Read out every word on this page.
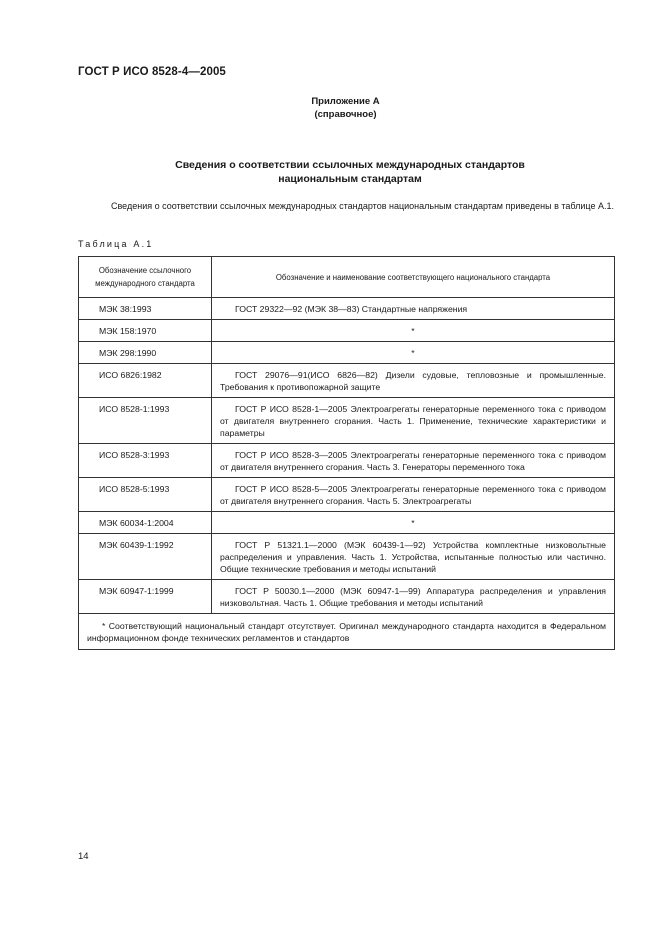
ГОСТ Р ИСО 8528-4—2005
Приложение А
(справочное)
Сведения о соответствии ссылочных международных стандартов
национальным стандартам
Сведения о соответствии ссылочных международных стандартов национальным стандартам приведены в таблице А.1.
Таблица А.1
Обозначение ссылочного международного стандарта	Обозначение и наименование соответствующего национального стандарта
МЭК 38:1993	ГОСТ 29322—92 (МЭК 38—83) Стандартные напряжения

МЭК 158:1970	*
МЭК 298:1990	*
ИСО 6826:1982	ГОСТ 29076—91(ИСО 6826—82) Дизели судовые, тепловозные и промышленные. Требования к противопожарной защите

ИСО 8528-1:1993	ГОСТ Р ИСО 8528-1—2005 Электроагрегаты генераторные переменного тока с приводом от двигателя внутреннего сгорания. Часть 1. Применение, технические характеристики и параметры

ИСО 8528-3:1993	ГОСТ Р ИСО 8528-3—2005 Электроагрегаты генераторные переменного тока с приводом от двигателя внутреннего сгорания. Часть 3. Генераторы переменного тока

ИСО 8528-5:1993	ГОСТ Р ИСО 8528-5—2005 Электроагрегаты генераторные переменного тока с приводом от двигателя внутреннего сгорания. Часть 5. Электроагрегаты

МЭК 60034-1:2004	*
МЭК 60439-1:1992	ГОСТ Р 51321.1—2000 (МЭК 60439-1—92) Устройства комплектные низковольтные распределения и управления. Часть 1. Устройства, испытанные полностью или частично. Общие технические требования и методы испытаний

МЭК 60947-1:1999	ГОСТ Р 50030.1—2000 (МЭК 60947-1—99) Аппаратура распределения и управления низковольтная. Часть 1. Общие требования и методы испытаний

* Соответствующий национальный стандарт отсутствует. Оригинал международного стандарта находится в Федеральном информационном фонде технических регламентов и стандартов	
14
